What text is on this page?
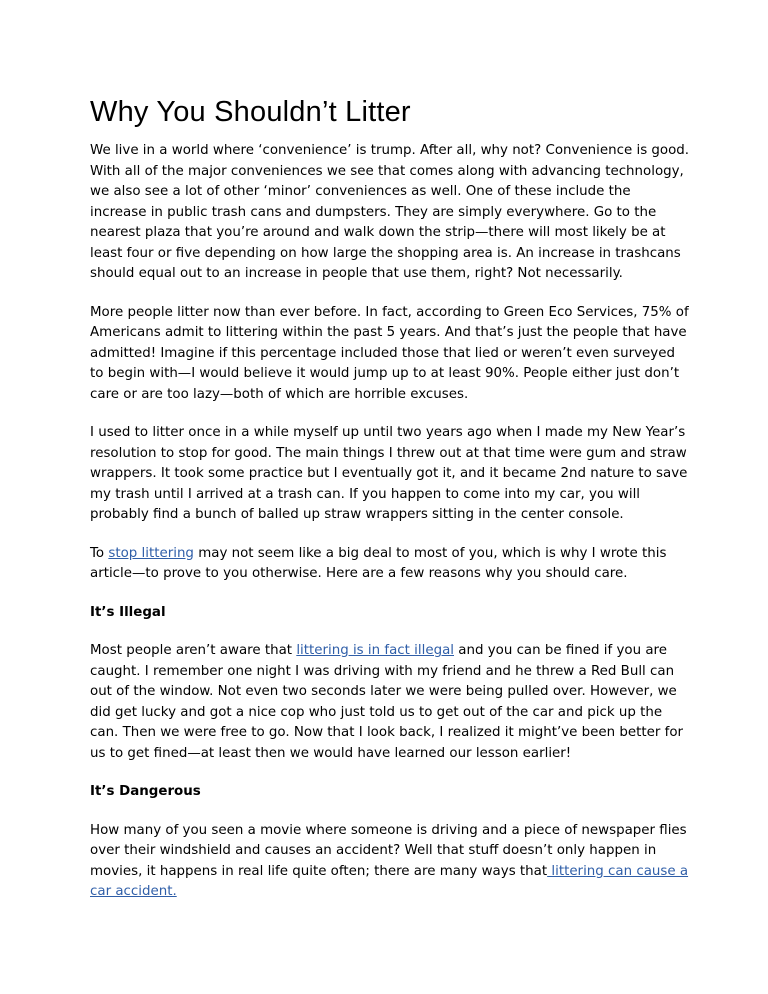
Why You Shouldn’t Litter

We live in a world where ‘convenience’ is trump. After all, why not? Convenience is good. With all of the major conveniences we see that comes along with advancing technology, we also see a lot of other ‘minor’ conveniences as well. One of these include the increase in public trash cans and dumpsters. They are simply everywhere. Go to the nearest plaza that you’re around and walk down the strip—there will most likely be at least four or five depending on how large the shopping area is. An increase in trashcans should equal out to an increase in people that use them, right? Not necessarily.

More people litter now than ever before. In fact, according to Green Eco Services, 75% of Americans admit to littering within the past 5 years. And that’s just the people that have admitted! Imagine if this percentage included those that lied or weren’t even surveyed to begin with—I would believe it would jump up to at least 90%. People either just don’t care or are too lazy—both of which are horrible excuses.

I used to litter once in a while myself up until two years ago when I made my New Year’s resolution to stop for good. The main things I threw out at that time were gum and straw wrappers. It took some practice but I eventually got it, and it became 2nd nature to save my trash until I arrived at a trash can. If you happen to come into my car, you will probably find a bunch of balled up straw wrappers sitting in the center console.

To stop littering may not seem like a big deal to most of you, which is why I wrote this article—to prove to you otherwise. Here are a few reasons why you should care.

It’s Illegal

Most people aren’t aware that littering is in fact illegal and you can be fined if you are caught. I remember one night I was driving with my friend and he threw a Red Bull can out of the window. Not even two seconds later we were being pulled over. However, we did get lucky and got a nice cop who just told us to get out of the car and pick up the can. Then we were free to go. Now that I look back, I realized it might’ve been better for us to get fined—at least then we would have learned our lesson earlier!

It’s Dangerous

How many of you seen a movie where someone is driving and a piece of newspaper flies over their windshield and causes an accident? Well that stuff doesn’t only happen in movies, it happens in real life quite often; there are many ways that littering can cause a car accident.
